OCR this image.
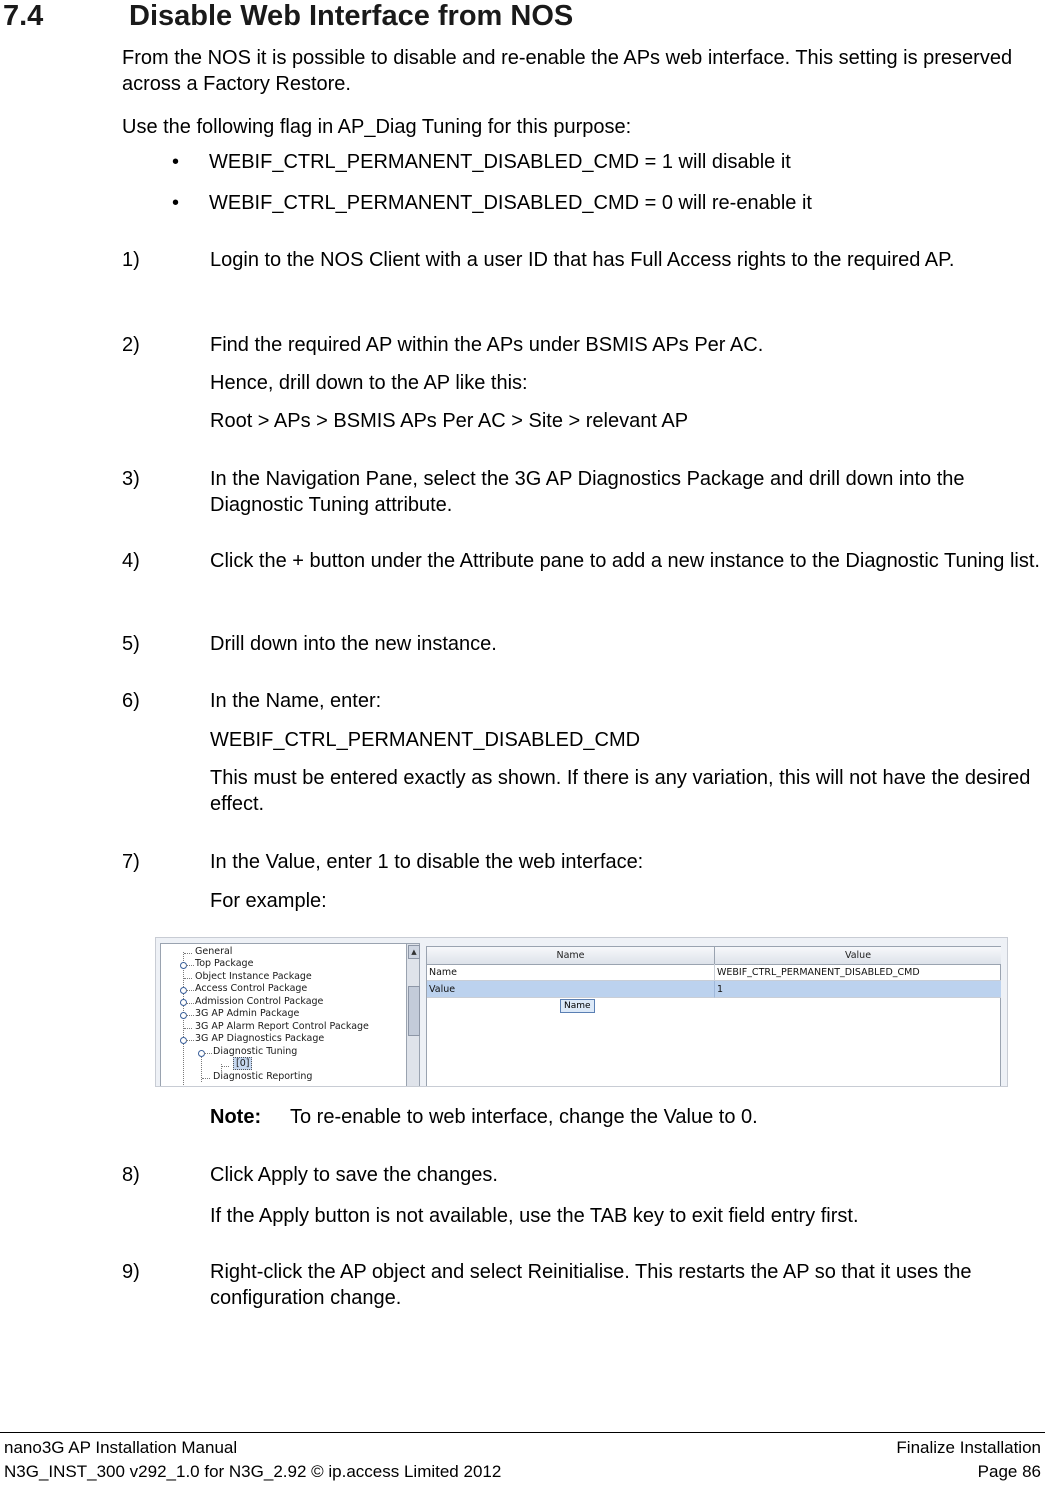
7.4	Disable Web Interface from NOS
From the NOS it is possible to disable and re-enable the APs web interface. This setting is preserved across a Factory Restore.
Use the following flag in AP_Diag Tuning for this purpose:
• WEBIF_CTRL_PERMANENT_DISABLED_CMD = 1 will disable it
• WEBIF_CTRL_PERMANENT_DISABLED_CMD = 0 will re-enable it
1)	Login to the NOS Client with a user ID that has Full Access rights to the required AP.
2)	Find the required AP within the APs under BSMIS APs Per AC.
Hence, drill down to the AP like this:
Root > APs > BSMIS APs Per AC > Site > relevant AP
3)	In the Navigation Pane, select the 3G AP Diagnostics Package and drill down into the Diagnostic Tuning attribute.
4)	Click the + button under the Attribute pane to add a new instance to the Diagnostic Tuning list.
5)	Drill down into the new instance.
6)	In the Name, enter:
WEBIF_CTRL_PERMANENT_DISABLED_CMD
This must be entered exactly as shown. If there is any variation, this will not have the desired effect.
7)	In the Value, enter 1 to disable the web interface:
For example:
General
Top Package
Object Instance Package
Access Control Package
Admission Control Package
3G AP Admin Package
3G AP Alarm Report Control Package
3G AP Diagnostics Package
Diagnostic Tuning
[0]
Diagnostic Reporting
▲	Name	Value
Name	WEBIF_CTRL_PERMANENT_DISABLED_CMD
Value	1
Name
Note: To re-enable to web interface, change the Value to 0.
8)	Click Apply to save the changes.
If the Apply button is not available, use the TAB key to exit field entry first.
9)	Right-click the AP object and select Reinitialise. This restarts the AP so that it uses the configuration change.
nano3G AP Installation Manual
N3G_INST_300 v292_1.0 for N3G_2.92 © ip.access Limited 2012
Finalize Installation
Page 86
